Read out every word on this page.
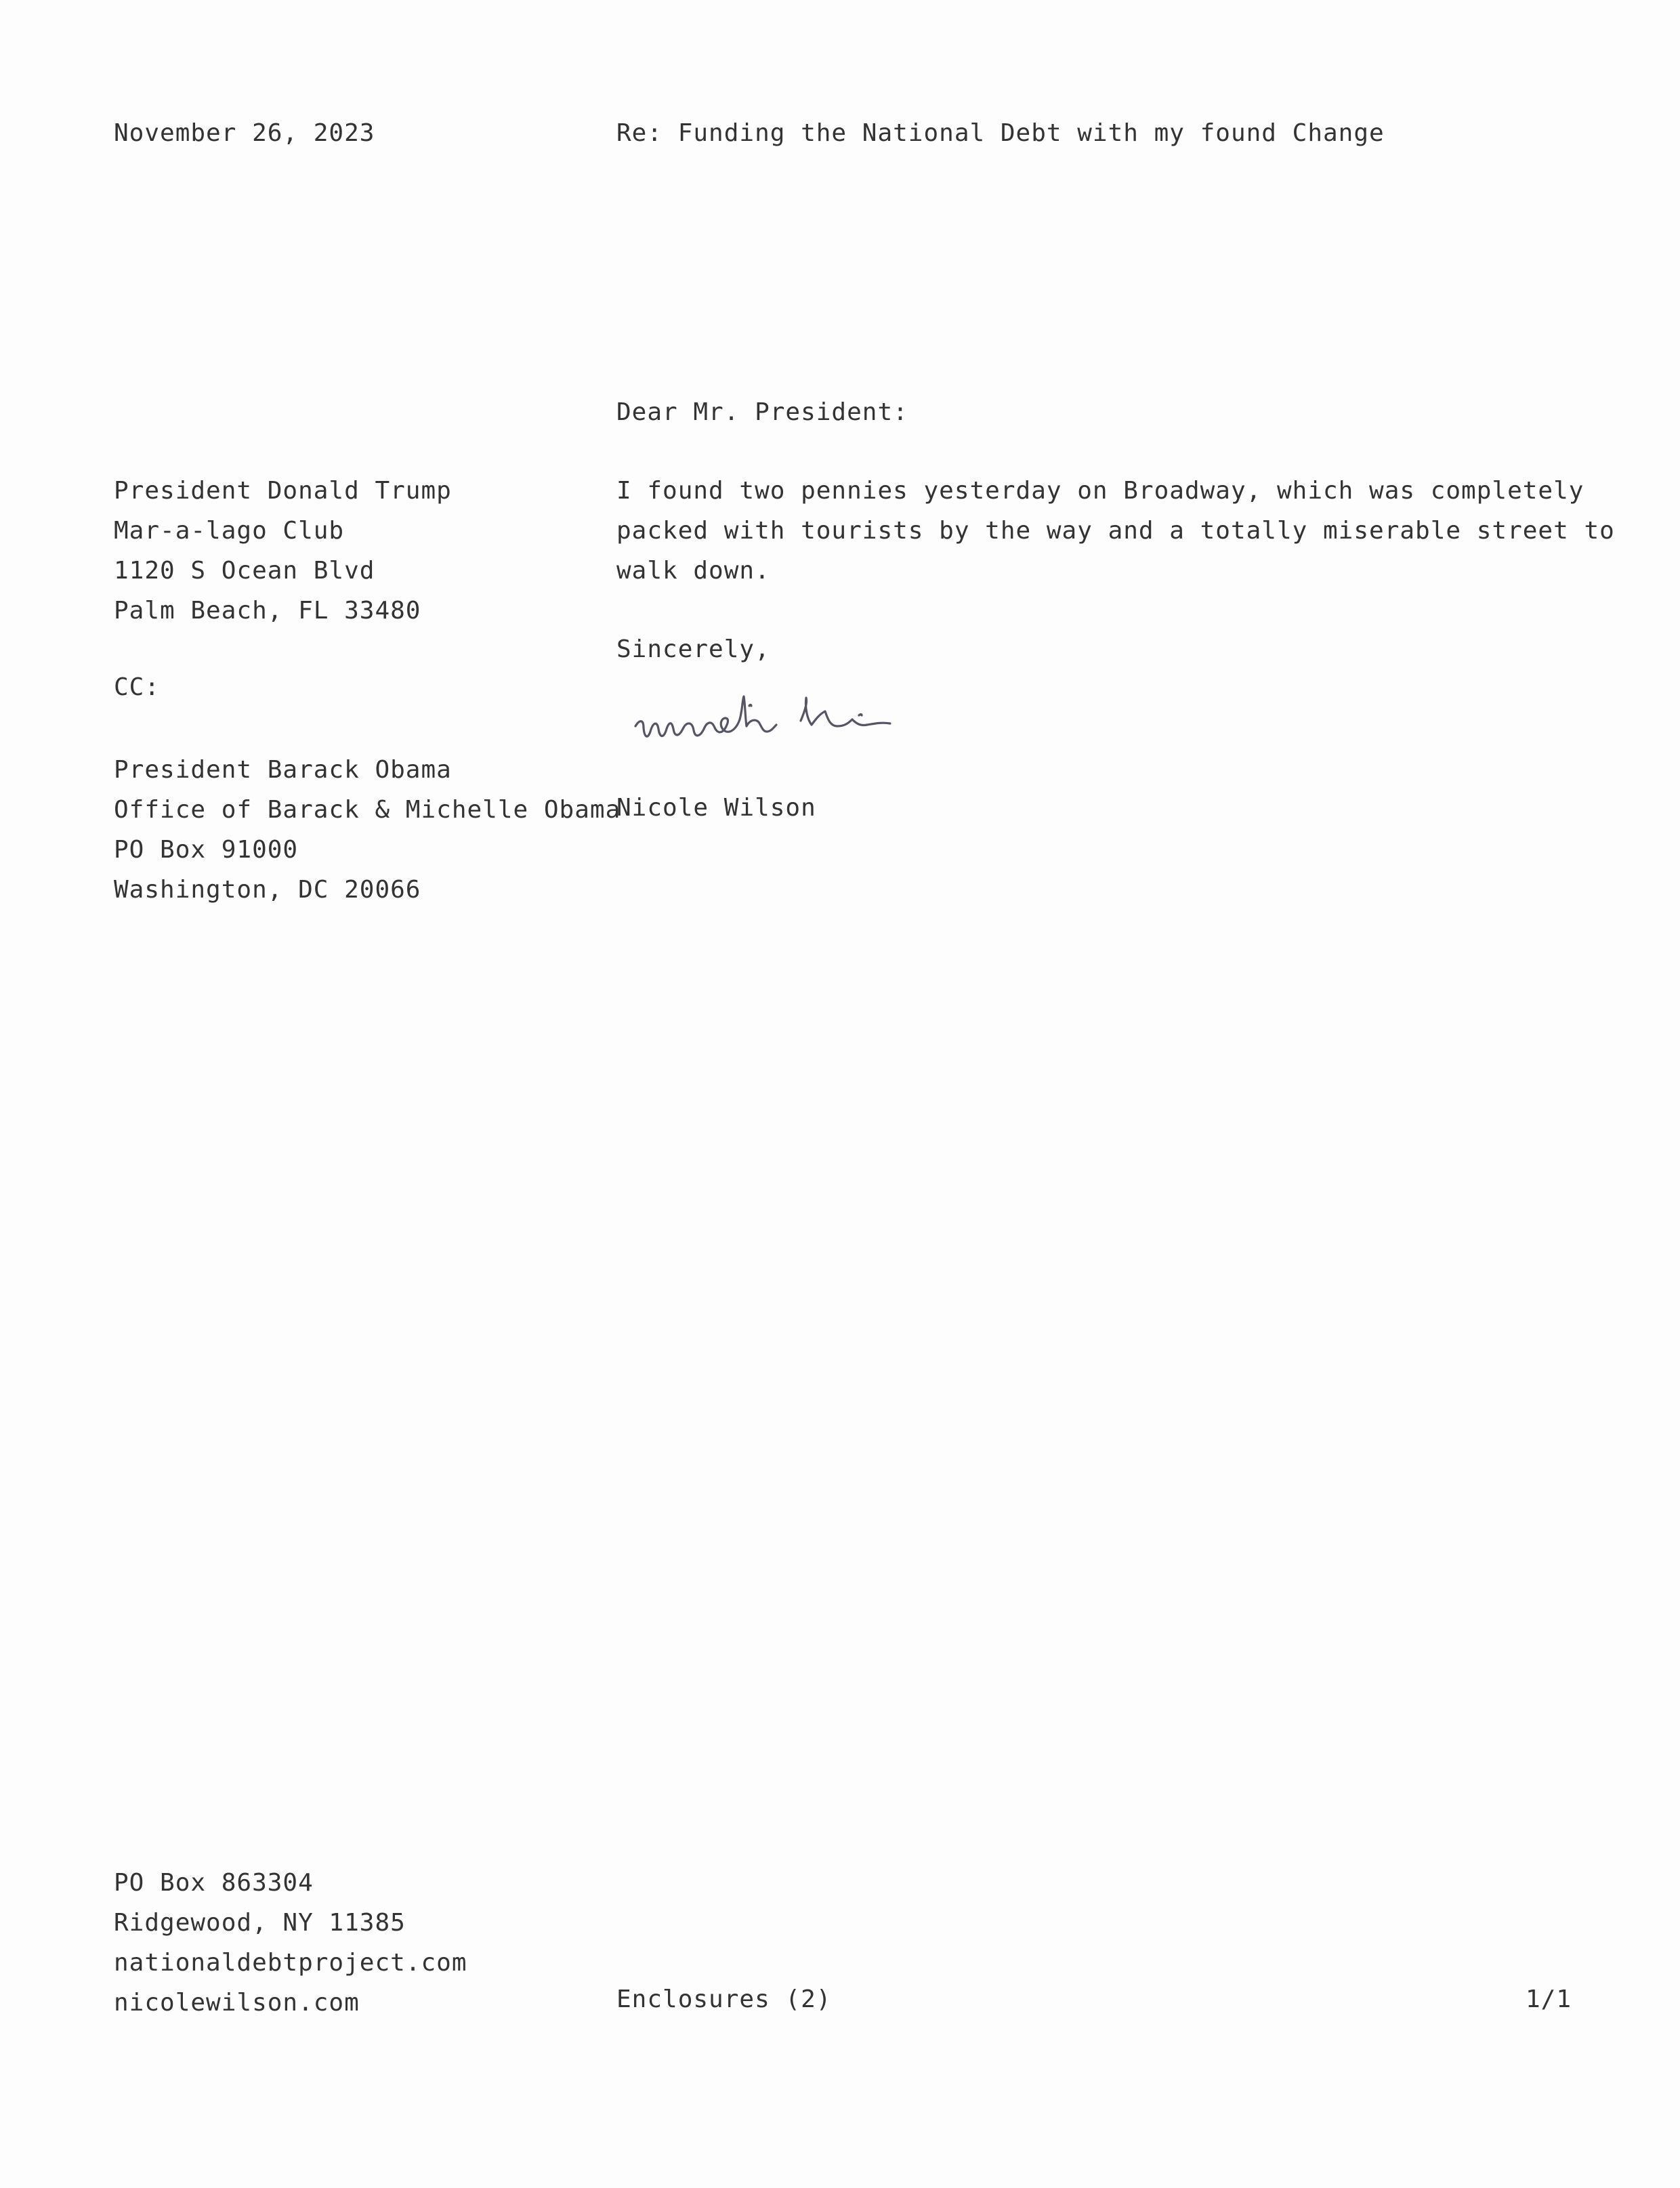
November 26, 2023	Re: Funding the National Debt with my found Change
Dear Mr. President:
President Donald Trump
Mar-a-lago Club
1120 S Ocean Blvd
Palm Beach, FL 33480
CC:
President Barack Obama
Office of Barack & Michelle Obama
PO Box 91000
Washington, DC 20066
I found two pennies yesterday on Broadway, which was completely
packed with tourists by the way and a totally miserable street to
walk down.
Sincerely,
Nicole Wilson
PO Box 863304
Ridgewood, NY 11385
nationaldebtproject.com
nicolewilson.com	Enclosures (2)	1/1
